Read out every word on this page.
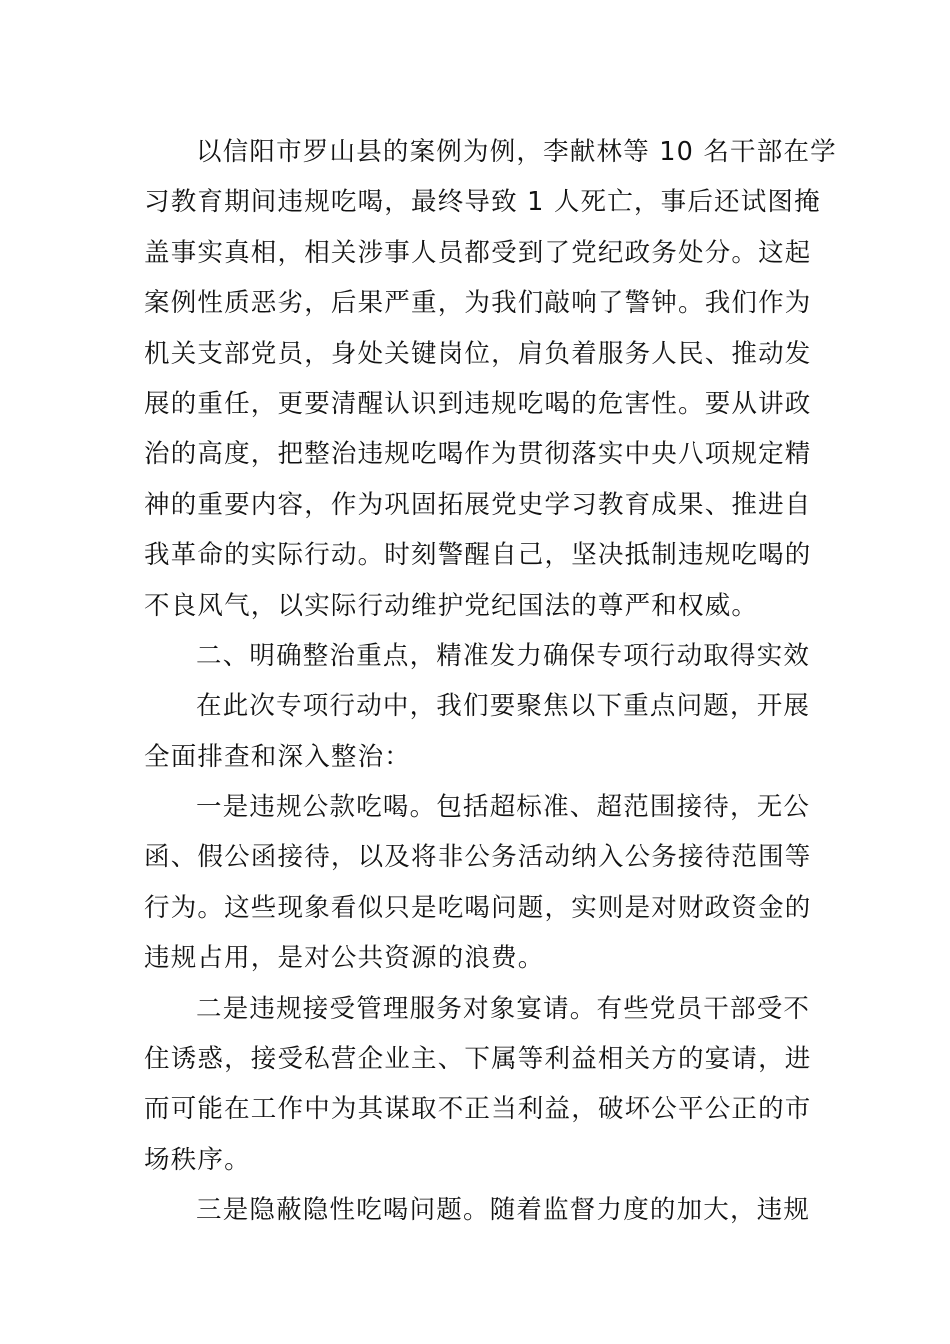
以信阳市罗山县的案例为例，李献林等 10 名干部在学
习教育期间违规吃喝，最终导致 1 人死亡，事后还试图掩
盖事实真相，相关涉事人员都受到了党纪政务处分。这起
案例性质恶劣，后果严重，为我们敲响了警钟。我们作为
机关支部党员，身处关键岗位，肩负着服务人民、推动发
展的重任，更要清醒认识到违规吃喝的危害性。要从讲政
治的高度，把整治违规吃喝作为贯彻落实中央八项规定精
神的重要内容，作为巩固拓展党史学习教育成果、推进自
我革命的实际行动。时刻警醒自己，坚决抵制违规吃喝的
不良风气，以实际行动维护党纪国法的尊严和权威。
二、明确整治重点，精准发力确保专项行动取得实效
在此次专项行动中，我们要聚焦以下重点问题，开展
全面排查和深入整治：
一是违规公款吃喝。包括超标准、超范围接待，无公
函、假公函接待，以及将非公务活动纳入公务接待范围等
行为。这些现象看似只是吃喝问题，实则是对财政资金的
违规占用，是对公共资源的浪费。
二是违规接受管理服务对象宴请。有些党员干部受不
住诱惑，接受私营企业主、下属等利益相关方的宴请，进
而可能在工作中为其谋取不正当利益，破坏公平公正的市
场秩序。
三是隐蔽隐性吃喝问题。随着监督力度的加大，违规
